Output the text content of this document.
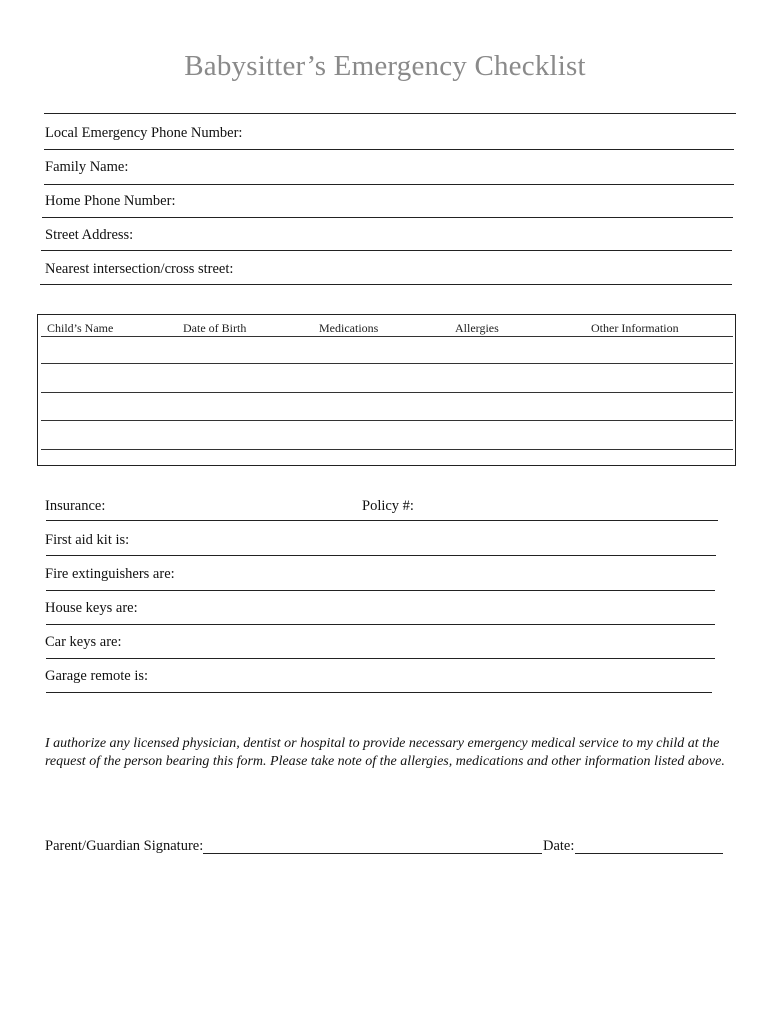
Babysitter’s Emergency Checklist
Local Emergency Phone Number:
Family Name:
Home Phone Number:
Street Address:
Nearest intersection/cross street:
Child’s Name	Date of Birth	Medications	Allergies	Other Information
Insurance:	Policy #:
First aid kit is:
Fire extinguishers are:
House keys are:
Car keys are:
Garage remote is:
I authorize any licensed physician, dentist or hospital to provide necessary emergency medical service to my child at the request of the person bearing this form. Please take note of the allergies, medications and other information listed above.
Parent/Guardian Signature:	Date:
